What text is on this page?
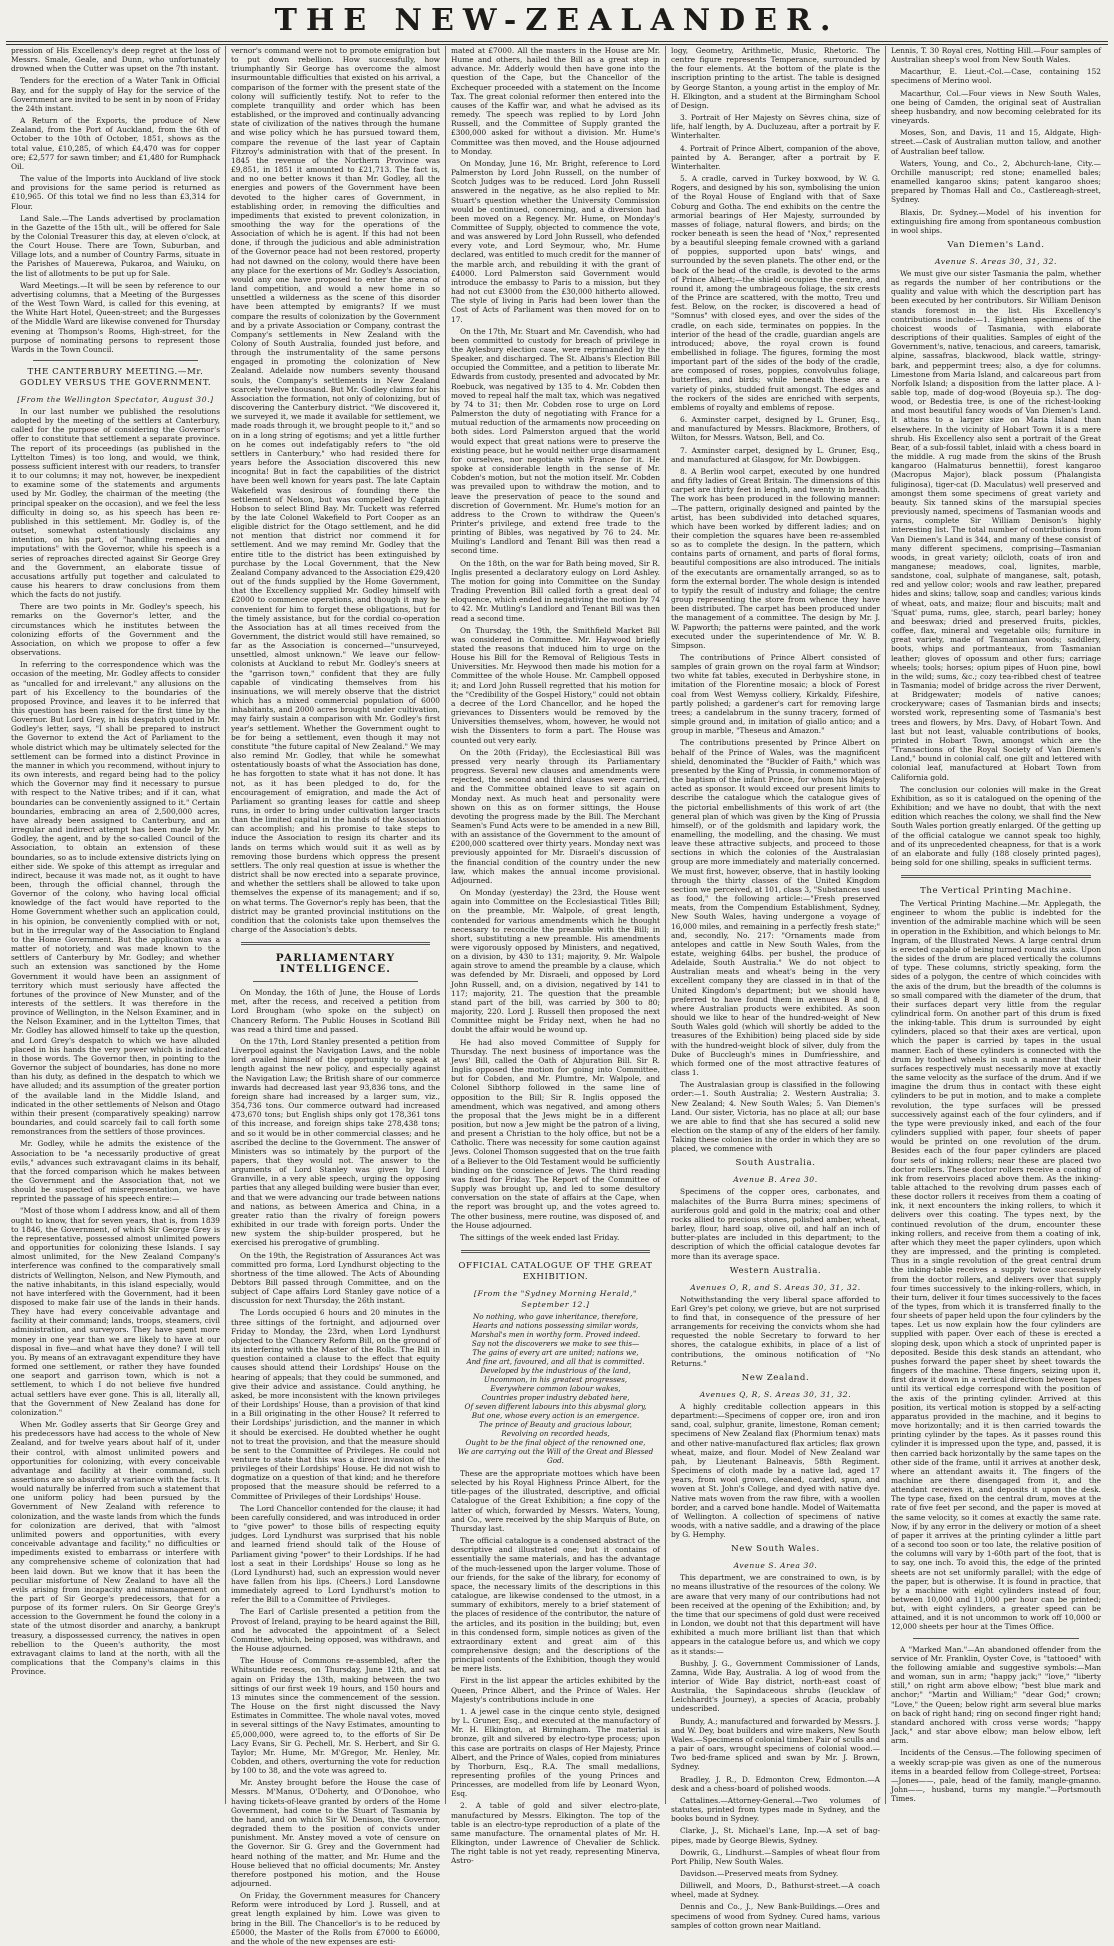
THE NEW-ZEALANDER.
pression of His Excellency's deep regret at the loss of Messrs. Smale, Geale, and Dunn, who unfortunately drowned when the Cutter was upset on the 7th instant.
Tenders for the erection of a Water Tank in Official Bay, and for the supply of Hay for the service of the Government are invited to be sent in by noon of Friday the 24th instant.
A Return of the Exports, the produce of New Zealand, from the Port of Auckland, from the 6th of October to the 10th of October, 1851, shows as the total value, £10,285, of which £4,470 was for copper ore; £2,577 for sawn timber; and £1,480 for Rumphack Oil.
The value of the Imports into Auckland of live stock and provisions for the same period is returned as £10,965. Of this total we find no less than £3,314 for Flour.
Land Sale.—The Lands advertised by proclamation in the Gazette of the 15th ult., will be offered for Sale by the Colonial Treasurer this day, at eleven o'clock, at the Court House. There are Town, Suburban, and Village lots, and a number of Country Farms, situate in the Parishes of Mauerewa, Pukaroa, and Waiuku, on the list of allotments to be put up for Sale.
Ward Meetings.—It will be seen by reference to our advertising columns, that a Meeting of the Burgesses of the West Town Ward, is called for this evening, at the White Hart Hotel, Queen-street; and the Burgesses of the Middle Ward are likewise convened for Thursday evening at Thompson's Rooms, High-street, for the purpose of nominating persons to represent those Wards in the Town Council.
THE CANTERBURY MEETING.—Mr. GODLEY VERSUS THE GOVERNMENT.
[From the Wellington Spectator, August 30.]
In our last number we published the resolutions adopted by the meeting of the settlers at Canterbury, called for the purpose of considering the Governor's offer to constitute that settlement a separate province. The report of its proceedings (as published in the Lyttelton Times) is too long, and would, we think, possess sufficient interest with our readers, to transfer it to our columns; it may not, however, be inexpedient to examine some of the statements and arguments used by Mr. Godley, the chairman of the meeting (the principal speaker on the occasion), and we feel the less difficulty in doing so, as his speech has been re-published in this settlement. Mr. Godley is, of the outset, somewhat ostentatiously disclaims any intention, on his part, of "handling remedies and imputations" with the Governor, while his speech is a series of reproaches directed against Sir George Grey and the Government, an elaborate tissue of accusations artfully put together and calculated to cause his hearers to draw conclusions from them which the facts do not justify.
There are two points in Mr. Godley's speech, his remarks on the Governor's letter, and the circumstances which he institutes between the colonizing efforts of the Government and the Association, on which we propose to offer a few observations.
In referring to the correspondence which was the occasion of the meeting, Mr. Godley affects to consider as "uncalled for and irrelevant," any allusions on the part of his Excellency to the boundaries of the proposed Province, and leaves it to be inferred that this question has been raised for the first time by the Governor. But Lord Grey, in his despatch quoted in Mr. Godley's letter, says, "I shall be prepared to instruct the Governor to extend the Act of Parliament to the whole district which may be ultimately selected for the settlement can be formed into a distinct Province in the manner in which you recommend, without injury to its own interests, and regard being had to the policy which the Governor may find it necessary to pursue with respect to the Native tribes; and if it can, what boundaries can be conveniently assigned to it." Certain boundaries, embracing an area of 2,500,000 acres, have already been assigned to Canterbury, and an irregular and indirect attempt has been made by Mr. Godley, the agent, and by the so-called Council of the Association, to obtain an extension of these boundaries, so as to include extensive districts lying on either side. We spoke of this attempt as irregular and indirect, because it was made not, as it ought to have been, through the official channel, through the Governor of the colony, who having local official knowledge of the fact would have reported to the Home Government whether such an application could, in his opinion, be conveniently complied with or not, but in the irregular way of the Association to England to the Home Government. But the application was a matter of notoriety, and was made known to the settlers of Canterbury by Mr. Godley; and whether such an extension was sanctioned by the Home Government it would have been an assignment of territory which must seriously have affected the fortunes of the province of New Munster, and of the interests of the settlers. It was therefore in the province of Wellington, in the Nelson Examiner, and in the Nelson Examiner, and in the Lyttelton Times, that Mr. Godley has allowed himself to take up the question, and Lord Grey's despatch to which we have alluded placed in his hands the very power which is indicated in those words. The Governor then, in pointing to the Governor the subject of boundaries, has done no more than his duty, as defined in the despatch to which we have alluded; and its assumption of the greater portion of the available land in the Middle Island, and indicated in the other settlements of Nelson and Otago within their present (comparatively speaking) narrow boundaries, and could scarcely fail to call forth some remonstrances from the settlers of those provinces.
Mr. Godley, while he admits the existence of the Association to be "a necessarily productive of great evils," advances such extravagant claims in its behalf, that the forced comparison which he makes between the Government and the Association that, not we should be suspected of misrepresentation, we have reprinted the passage of his speech entire:—
"Most of those whom I address know, and all of them ought to know, that for seven years, that is, from 1839 to 1846, the Government, of which Sir George Grey is the representative, possessed almost unlimited powers and opportunities for colonizing these Islands. I say almost unlimited, for the New Zealand Company's interference was confined to the comparatively small districts of Wellington, Nelson, and New Plymouth, and the native inhabitants, in this island especially, would not have interfered with the Government, had it been disposed to make fair use of the lands in their hands. They have had every conceivable advantage and facility at their command; lands, troops, steamers, civil administration, and surveyors. They have spent more money in one year than we are likely to have at our disposal in five—and what have they done? I will tell you. By means of an extravagant expenditure they have formed one settlement, or rather they have founded one seaport and garrison town, which is not a settlement, to which I do not believe five hundred actual settlers have ever gone. This is all, literally all, that the Government of New Zealand has done for colonization."
When Mr. Godley asserts that Sir George Grey and his predecessors have had access to the whole of New Zealand, and for twelve years about half of it, under their control, with almost unlimited powers and opportunities for colonizing, with every conceivable advantage and facility at their command, such assertions are so absurdly at variance with the facts. It would naturally be inferred from such a statement that one uniform policy had been pursued by the Government of New Zealand with reference to colonization, and the waste lands from which the funds for colonization are derived, that with "almost unlimited powers and opportunities, with every conceivable advantage and facility," no difficulties or impediments existed to embarrass or interfere with any comprehensive scheme of colonization that had been laid down. But we know that it has been the peculiar misfortune of New Zealand to have all the evils arising from incapacity and mismanagement on the part of Sir George's predecessors, that for a purpose of its former rulers. On Sir George Grey's accession to the Government he found the colony in a state of the utmost disorder and anarchy, a bankrupt treasury, a dispossessed currency, the natives in open rebellion to the Queen's authority, the most extravagant claims to land at the north, with all the complications that the Company's claims in this Province.
vernor's command were not to promote emigration but to put down rebellion. How successfully, how triumphantly Sir George has overcome the almost insurmountable difficulties that existed on his arrival, a comparison of the former with the present state of the colony will sufficiently testify. Not to refer to the complete tranquillity and order which has been established, or the improved and continually advancing state of civilization of the natives through the humane and wise policy which he has pursued toward them, compare the revenue of the last year of Captain Fitzroy's administration with that of the present. In 1845 the revenue of the Northern Province was £9,851, in 1851 it amounted to £21,713. The fact is, and no one better knows it than Mr. Godley, all the energies and powers of the Government have been devoted to the higher cares of Government, in establishing order, in removing the difficulties and impediments that existed to prevent colonization, in smoothing the way for the operations of the Association of which he is agent. If this had not been done, if through the judicious and able administration of the Governor peace had not been restored, property had not dawned on the colony, would there have been any place for the exertions of Mr. Godley's Association, would any one have proposed to enter the arena of land competition, and would a new home in so unsettled a wilderness as the scene of this disorder have been attempted by emigrants? If we must compare the results of colonization by the Government and by a private Association or Company, contrast the Company's settlements in New Zealand with the Colony of South Australia, founded just before, and through the instrumentality of the same persons engaged in promoting the colonization of New Zealand. Adelaide now numbers seventy thousand souls, the Company's settlements in New Zealand scarcely twelve thousand. But Mr. Godley claims for his Association the formation, not only of colonizing, but of discovering the Canterbury district. "We discovered it, we surveyed it, we made it available for settlement, we made roads through it, we brought people to it," and so on in a long string of egotisms; and yet a little further on he comes out indefatigably refers to "the old settlers in Canterbury," who had resided there for years before the Association discovered this new incognita! But in fact the capabilities of the district have been well known for years past. The late Captain Wakefield was desirous of founding there the settlement of Nelson, but was compelled by Captain Hobson to select Blind Bay. Mr. Tuckett was referred by the late Colonel Wakefield to Port Cooper as an eligible district for the Otago settlement, and he did not mention that district nor commend it for settlement. And we may remind Mr. Godley that the entire title to the district has been extinguished by purchase by the Local Government, that the New Zealand Company advanced to the Association £29,420 out of the funds supplied by the Home Government, that the Excellency supplied Mr. Godley himself with £2000 to commence operations, and though it may be convenient for him to forget these obligations, but for the timely assistance, but for the cordial co-operation the Association has at all times received from the Government, the district would still have remained, so far as the Association is concerned—"unsurveyed, unsettled, almost unknown." We leave our fellow-colonists at Auckland to rebut Mr. Godley's sneers at the "garrison town," confident that they are fully capable of vindicating themselves from his insinuations, we will merely observe that the district which has a mixed commercial population of 6000 inhabitants, and 2000 acres brought under cultivation, may fairly sustain a comparison with Mr. Godley's first year's settlement. Whether the Government ought to be for being a settlement, even though it may not constitute "the future capital of New Zealand." We may also remind Mr. Godley, that while he somewhat ostentatiously boasts of what the Association has done, he has forgotten to state what it has not done. It has not, as it has been pledged to do, for the encouragement of emigration, and made the Act of Parliament so granting leases for cattle and sheep runs, in order to bring under cultivation larger tracts than the limited capital in the hands of the Association can accomplish; and his promise to take steps to induce the Association to resign its charter and its lands on terms which would suit it as well as by removing those burdens which oppress the present settlers. The only real question at issue is whether the district shall be now erected into a separate province, and whether the settlers shall be allowed to take upon themselves the expense of its management; and if so, on what terms. The Governor's reply has been, that the district may be granted provincial institutions on the condition that the colonists take upon themselves the charge of the Association's debts.
PARLIAMENTARY INTELLIGENCE.
On Monday, the 16th of June, the House of Lords met, after the recess, and received a petition from Lord Brougham (who spoke on the subject) on Chancery Reform. The Public Houses in Scotland Bill was read a third time and passed.
On the 17th, Lord Stanley presented a petition from Liverpool against the Navigation Laws, and the noble lord availed himself of the opportunity to speak at length against the new policy, and especially against the Navigation Law; the British share of our commerce inwards had decreased last year 93,836 tons, and the foreign share had increased by a larger sum, viz., 354,736 tons. Our commerce outward had increased 473,670 tons; but English ships only got 178,361 tons of this increase, and foreign ships take 278,438 tons; and so it would be in other commercial classes; and he ascribed the decline to the Government. The answer of Ministers was so intimately by the purport of the papers, that they would not. The answer to the arguments of Lord Stanley was given by Lord Granville, in a very able speech, urging the opposing parties that any alleged building were busier than ever, and that we were advancing our trade between nations and nations, as between America and China, in a greater ratio than the rivalry of foreign powers exhibited in our trade with foreign ports. Under the new system the ship-builder prospered, but he exercised his prerogative of grumbling.
On the 19th, the Registration of Assurances Act was committed pro forma, Lord Lyndhurst objecting to the shortness of the time allowed. The Acts of Abounding Debtors Bill passed through Committee, and on the subject of Cape affairs Lord Stanley gave notice of a discussion for next Thursday, the 26th instant.
The Lords occupied 6 hours and 20 minutes in the three sittings of the fortnight, and adjourned over Friday to Monday, the 23rd, when Lord Lyndhurst objected to the Chancery Reform Bill, on the ground of its interfering with the Master of the Rolls. The Bill in question contained a clause to the effect that equity causes should attend their Lordships' House on the hearing of appeals; that they could be summoned, and give their advice and assistance. Could anything, he asked, be more inconsistent with the known privileges of their Lordships' House, than a provision of that kind in a Bill originating in the other House? It referred to their Lordships' jurisdiction, and the manner in which it should be exercised. He doubted whether he ought not to treat the provision, and that the measure should be sent to the Committee of Privileges. He could not venture to state that this was a direct invasion of the privileges of their Lordships' House. He did not wish to dogmatize on a question of that kind; and he therefore proposed that the measure should be referred to a Committee of Privileges of their Lordships' House.
The Lord Chancellor contended for the clause; it had been carefully considered, and was introduced in order to "give power" to those bills of respecting equity judges. Lord Lyndhurst was surprised that his noble and learned friend should talk of the House of Parliament giving "power" to their Lordships. If he had lost a seat in their Lordships' House so long as he (Lord Lyndhurst) had, such an expression would never have fallen from his lips. (Cheers.) Lord Lansdowne immediately agreed to Lord Lyndhurst's motion to refer the Bill to a Committee of Privileges.
The Earl of Carlisle presented a petition from the Provost of Ireland, praying to be heard against the Bill, and he advocated the appointment of a Select Committee, which, being opposed, was withdrawn, and the House adjourned.
The House of Commons re-assembled, after the Whitsuntide recess, on Thursday, June 12th, and sat again on Friday the 13th, making between the two sittings of our first week 19 hours, and 150 hours and 13 minutes since the commencement of the session. The House on the first night discussed the Navy Estimates in Committee. The whole naval votes, moved in several sittings of the Navy Estimates, amounting to £5,000,000, were agreed to, to the efforts of Sir De Lacy Evans, Sir G. Pechell, Mr. S. Herbert, and Sir G. Taylor; Mr. Hume, Mr. M'Gregor, Mr. Henley, Mr. Cobden, and others, overturning the vote for reduction by 100 to 38, and the vote was agreed to.
Mr. Anstey brought before the House the case of Messrs. M'Manus, O'Doherty, and O'Donohoe, who having tickets-of-leave granted by orders of the Home Government, had come to the Stuart of Tasmania by the hand, and on which Sir W. Denison, the Governor, degraded them to the position of convicts under punishment. Mr. Anstey moved a vote of censure on the Governor. Sir G. Grey and the Government had heard nothing of the matter, and Mr. Hume and the House believed that no official documents; Mr. Anstey therefore postponed his motion, and the House adjourned.
On Friday, the Government measures for Chancery Reform were introduced by Lord J. Russell, and at great length explained by him. Lowe was given to bring in the Bill. The Chancellor's is to be reduced by £5000, the Master of the Rolls from £7000 to £6000, and the whole of the new expenses are esti-
mated at £7000. All the masters in the House are Mr. Hume and others, hailed the Bill as a great step in advance. Mr. Adderly would then have gone into the question of the Cape, but the Chancellor of the Exchequer proceeded with a statement on the Income Tax. The great colonial reformer then entered into the causes of the Kaffir war, and what he advised as its remedy. The speech was replied to by Lord John Russell, and the Committee of Supply granted the £300,000 asked for without a division. Mr. Hume's Committee was then moved, and the House adjourned to Monday.
On Monday, June 16, Mr. Bright, reference to Lord Palmerston by Lord John Russell, on the number of Scotch Judges was to be reduced. Lord John Russell answered in the negative, as he also replied to Mr. Stuart's question whether the University Commission would be continued, concerning, and a diversion had been moved on a Regency. Mr. Hume, on Monday's Committee of Supply, objected to commence the vote, and was answered by Lord John Russell, who defended every vote, and Lord Seymour, who, Mr. Hume declared, was entitled to much credit for the manner of the marble arch, and rebuilding it with the grant of £4000. Lord Palmerston said Government would introduce the embassy to Paris to a mission, but they had not cut £3000 from the £30,000 hitherto allowed. The style of living in Paris had been lower than the Cost of Acts of Parliament was then moved for on to 17.
On the 17th, Mr. Stuart and Mr. Cavendish, who had been committed to custody for breach of privilege in the Aylesbury election case, were reprimanded by the Speaker, and discharged. The St. Albans's Election Bill occupied the Committee, and a petition to liberate Mr. Edwards from custody, presented and advocated by Mr. Roebuck, was negatived by 135 to 4. Mr. Cobden then moved to repeal half the malt tax, which was negatived by 74 to 31; then Mr. Cobden rose to urge on Lord Palmerston the duty of negotiating with France for a mutual reduction of the armaments now proceeding on both sides. Lord Palmerston argued that the world would expect that great nations were to preserve the existing peace, but he would neither urge disarmament for ourselves, nor negotiate with France for it. He spoke at considerable length in the sense of Mr. Cobden's motion, but not the motion itself. Mr. Cobden was prevailed upon to withdraw the motion, and to leave the preservation of peace to the sound and discretion of Government. Mr. Hume's motion for an address to the Crown to withdraw the Queen's Printer's privilege, and extend free trade to the printing of Bibles, was negatived by 76 to 24. Mr. Muiling's Landlord and Tenant Bill was then read a second time.
On the 18th, on the war for Bath being moved, Sir R. Inglis presented a declaratory eulogy on Lord Ashley. The motion for going into Committee on the Sunday Trading Prevention Bill called forth a great deal of eloquence, which ended in negativing the motion by 74 to 42. Mr. Mutling's Landlord and Tenant Bill was then read a second time.
On Thursday, the 19th, the Smithfield Market Bill was considered in Committee. Mr. Haywood briefly stated the reasons that induced him to urge on the House his Bill for the Removal of Religious Tests in Universities. Mr. Heywood then made his motion for a Committee of the whole House. Mr. Campbell opposed it; and Lord John Russell regretted that his motion for the "Credibility of the Gospel History," could not obtain a decree of the Lord Chancellor, and he hoped the grievances to Dissenters would be removed by the Universities themselves, whom, however, he would not wish the Dissenters to form a part. The House was counted out very early.
On the 20th (Friday), the Ecclesiastical Bill was pressed very nearly through its Parliamentary progress. Several new clauses and amendments were rejected, the second and third clauses were carried, and the Committee obtained leave to sit again on Monday next. As much heat and personality were shown on this as on former sittings, the House devoting the progress made by the Bill. The Merchant Seamen's Fund Acts were to be amended in a new Bill, with an assistance of the Government to the amount of £200,000 scattered over thirty years. Monday next was previously appointed for Mr. Disraeli's discussion of the financial condition of the country under the new law, which makes the annual income provisional. Adjourned.
On Monday (yesterday) the 23rd, the House went again into Committee on the Ecclesiastical Titles Bill; on the preamble, Mr. Walpole, of great length, contended for various amendments which he thought necessary to reconcile the preamble with the Bill; in short, substituting a new preamble. His amendments were vigorously opposed by Ministers, and negatived, on a division, by 430 to 131; majority, 9. Mr. Walpole again strove to amend the preamble by a clause, which was defended by Mr. Disraeli, and opposed by Lord John Russell, and, on a division, negatived by 141 to 117; majority, 21. The question that the preamble stand part of the bill, was carried by 300 to 80; majority, 220. Lord J. Russell then proposed the next Committee might be Friday next, when he had no doubt the affair would be wound up.
He had also moved Committee of Supply for Thursday. The next business of importance was the Jews' Bill, called the Oath of Abjuration Bill. Sir R. Inglis opposed the motion for going into Committee, but for Cobden, and Mr. Plumtre, Mr. Walpole, and Colonel Sibthorp followed in the same line of opposition to the Bill; Sir R. Inglis opposed the amendment, which was negatived, and among others the proposal that the Jews might be in a different position, but now a Jew might be the patron of a living, and present a Christian to the holy office, but not be a Catholic. There was necessity for some caution against Jews. Colonel Thomson suggested that on the true faith of a Believer to the Old Testament would be sufficiently binding on the conscience of Jews. The third reading was fixed for Friday. The Report of the Committee of Supply was brought up, and led to some desultory conversation on the state of affairs at the Cape, when the report was brought up, and the votes agreed to. The other business, mere routine, was disposed of, and the House adjourned.
The sittings of the week ended last Friday.
OFFICIAL CATALOGUE OF THE GREAT EXHIBITION.
[From the "Sydney Morning Herald," September 12.]
No nothing, who gave inheritance, therefore,
Hearts and nations possessing similar words,
Marshal's men in worthy form. Proved indeed.
Say not the discoverers we make to see this—
The gains of every art are united; nations we,
And fine art, favoured, and all that is committed.
Developed by the industrious of the land,
Uncommon, in his greatest progresses,
Everywhere common labour wakes,
Countries proper industry debated here,
Of seven different labours into this abysmal glory,
But one, whose every action is an emergence.
The prince of Beauty and gracious labour,
Revolving on recorded heads,
Ought to be the final object of the renowned one,
We are carrying out the Will of the Great and Blessed God.
These are the appropriate mottoes which have been selected by his Royal Highness Prince Albert, for the title-pages of the illustrated, descriptive, and official Catalogue of the Great Exhibition; a fine copy of the latter of which, forwarded by Messrs. Waters, Young, and Co., were received by the ship Marquis of Bute, on Thursday last.
The official catalogue is a condensed abstract of the descriptive and illustrated one; but it contains of essentially the same materials, and has the advantage of the much-lessened upon the larger volume. Those of our friends, for the sake of the library, for economy of space, the necessary limits of the descriptions in this catalogue, are likewise condensed to the utmost, in a summary of exhibitors, merely to a brief statement of the places of residence of the contributor, the nature of the articles, and its position in the building; but, even in this condensed form, simple notices as given of the extraordinary extent and great aim of this comprehensive design; and the descriptions of the principal contents of the Exhibition, though they would be mere lists.
First in the list appear the articles exhibited by the Queen, Prince Albert, and the Prince of Wales. Her Majesty's contributions include in one
1. A jewel case in the cinque cento style, designed by L. Gruner, Esq., and executed at the manufactory of Mr. H. Elkington, at Birmingham. The material is bronze, gilt and silvered by electro-type process; upon this case are portraits on clasps of Her Majesty, Prince Albert, and the Prince of Wales, copied from miniatures by Thorburn, Esq., R.A. The small medallions, representing profiles of the young Princes and Princesses, are modelled from life by Leonard Wyon, Esq.
2. A table of gold and silver electro-plate, manufactured by Messrs. Elkington. The top of the table is an electro-type reproduction of a plate of the same manufacture. The ornamental plates of Mr. H. Elkington, under Lawrence of Chevalier de Schlick. The right table is not yet ready, representing Minerva, Astro-
logy, Geometry, Arithmetic, Music, Rhetoric. The centre figure represents Temperance, surrounded by the four elements. At the bottom of the plate is the inscription printing to the artist. The table is designed by George Stanton, a young artist in the employ of Mr. H. Elkington, and a student at the Birmingham School of Design.
3. Portrait of Her Majesty on Sèvres china, size of life, half length, by A. Ducluzeau, after a portrait by F. Winterhalter.
4. Portrait of Prince Albert, companion of the above, painted by A. Beranger, after a portrait by F. Winterhalter.
5. A cradle, carved in Turkey boxwood, by W. G. Rogers, and designed by his son, symbolising the union of the Royal House of England with that of Saxe Coburg and Gotha. The end exhibits on the centre the armorial bearings of Her Majesty, surrounded by masses of foliage, natural flowers, and birds; on the rocker beneath is seen the head of "Nox," represented by a beautiful sleeping female crowned with a garland of poppies, supported upon bats' wings, and surrounded by the seven planets. The other end, or the back of the head of the cradle, is devoted to the arms of Prince Albert;—the shield occupies the centre, and round it, among the umbrageous foliage, the six crests of the Prince are scattered, with the motto, Treu und fest. Below, on the rocker, is discovered a head of "Somnus" with closed eyes, and over the sides of the cradle, on each side, terminates on poppies. In the interior of the head of the cradle, guardian angels are introduced; above, the royal crown is found embellished in foliage. The figures, forming the most important part of the sides of the body of the cradle, are composed of roses, poppies, convolvulus foliage, butterflies, and birds; while beneath these are a variety of pinks, studded fruit amongst. The edges and the rockers of the sides are enriched with serpents, emblems of royalty and emblems of repose.
6. Axminster carpet, designed by L. Gruner, Esq., and manufactured by Messrs. Blackmore, Brothers, of Wilton, for Messrs. Watson, Bell, and Co.
7. Axminster carpet, designed by L. Gruner, Esq., and manufactured at Glasgow, for Mr. Dowbiggen.
8. A Berlin wool carpet, executed by one hundred and fifty ladies of Great Britain. The dimensions of this carpet are thirty feet in length, and twenty in breadth. The work has been produced in the following manner:—The pattern, originally designed and painted by the artist, has been subdivided into detached squares, which have been worked by different ladies; and on their completion the squares have been re-assembled so as to complete the design. In the pattern, which contains parts of ornament, and parts of floral forms, beautiful compositions are also introduced. The initials of the executants are ornamentally arranged, so as to form the external border. The whole design is intended to typify the result of industry and foliage; the centre group representing the store from whence they have been distributed. The carpet has been produced under the management of a committee. The design by Mr. J. W. Papworth; the patterns were painted, and the work executed under the superintendence of Mr. W. B. Simpson.
The contributions of Prince Albert consisted of samples of grain grown on the royal farm at Windsor; two white fat tables, executed in Derbyshire stone, in imitation of the Florentine mosaic; a block of Forest coal from West Wemyss colliery, Kirkaldy, Fifeshire, partly polished; a gardener's cart for removing large trees; a candelabrum in the sunny tracery, formed of simple ground and, in imitation of giallo antico; and a group in marble, "Theseus and Amazon."
The contributions presented by Prince Albert on behalf of the Prince of Wales, was the magnificent shield, denominated the "Buckler of Faith," which was presented by the King of Prussia, in commemoration of the baptism of the infant Prince, for whom his Majesty acted as sponsor. It would exceed our present limits to describe the catalogue which the catalogue gives of the pictorial embellishments of this work of art (the general plan of which was given by the King of Prussia himself), or of the goldsmith and lapidary work, the enamelling, the modelling, and the chasing. We must leave these attractive subjects, and proceed to those sections in which the colonies of the Australasian group are more immediately and materially concerned. We must first, however, observe, that in hastily looking through the thirty classes of the United Kingdom section we perceived, at 101, class 3, "Substances used as food," the following article:—"Fresh preserved meats, from the Compendium Establishment, Sydney, New South Wales, having undergone a voyage of 16,000 miles, and remaining in a perfectly fresh state;" and, secondly, No. 217: "Ornaments made from antelopes and cattle in New South Wales, from the estate, weighing 64lbs. per bushel, the produce of Adelaide, South Australia." We do not object to Australian meats and wheat's being in the very excellent company they are classed in in that of the United Kingdom's department; but we should have preferred to have found them in avenues B and 8, where Australian products were exhibited. As soon should we like to hear of the hundred-weight of New South Wales gold (which will shortly be added to the treasures of the Exhibition) being placed side by side with the hundred-weight block of silver, duly from the Duke of Buccleugh's mines in Dumfriesshire, and which formed one of the most attractive features of class 1.
The Australasian group is classified in the following order:—1. South Australia; 2. Western Australia; 3. New Zealand; 4. New South Wales; 5. Van Diemen's Land. Our sister, Victoria, has no place at all; our base we are able to find that she has secured a solid new election on the stamp of any of the elders of her family. Taking these colonies in the order in which they are so placed, we commence with
South Australia.
Avenue B. Area 30.
Specimens of the copper ores, carbonates, and malachites of the Burra Burra mines; specimens of auriferous gold and gold in the matrix; coal and other rocks allied to precious stones, polished amber, wheat, barley, flour, hard soap, olive oil, and half an inch of butter-plates are included in this department; to the description of which the official catalogue devotes far more than its average space.
Western Australia.
Avenues O, R, and S. Areas 30, 31, 32.
Notwithstanding the very liberal space afforded to Earl Grey's pet colony, we grieve, but are not surprised to find that, in consequence of the pressure of her arrangements for receiving the convicts whom she had requested the noble Secretary to forward to her shores, the catalogue exhibits, in place of a list of contributions, the ominous notification of "No Returns."
New Zealand.
Avenues Q, R, S. Areas 30, 31, 32.
A highly creditable collection appears in this department:—Specimens of copper ore, iron and iron sand, coal, sulphur, granite, limestone, Roman cement; specimens of New Zealand flax (Phormium tenax) mats and other native-manufactured flax articles; flax grown wheat, maize, and flour. Model of New Zealand war pah, by Lieutenant Balneavis, 58th Regiment. Specimens of cloth made by a native lad, aged 17 years, from wool grown, cleaned, carded, spun, and woven at St. John's College, and dyed with native dye. Native mats woven from the raw fibre, with a woollen border, and a carved bone handle. Model of Waitematta of Wellington. A collection of specimens of native woods, with a native saddle, and a drawing of the place by G. Hemphy.
New South Wales.
Avenue S. Area 30.
This department, we are constrained to own, is by no means illustrative of the resources of the colony. We are aware that very many of our contributions had not been received at the opening of the Exhibition; and, by the time that our specimens of gold dust were received in London, we doubt not that this department will have exhibited a much more brilliant list than that which appears in the catalogue before us, and which we copy as it stands:—
Bushby, J. G., Government Commissioner of Lands, Zamna, Wide Bay, Australia. A log of wood from the interior of Wide Bay district, north-east coast of Australia, the Sapindaceous shrubs (Ieucklaw of Leichhardt's Journey), a species of Acacia, probably undescribed.
Bundy, A.; manufactured and forwarded by Messrs. J. and W. Dey, boat builders and wire makers, New South Wales.—Specimens of colonial timber. Pair of sculls and a pair of oars, wrought specimens of colonial wood.—Two bed-frame spliced and swan by Mr. J. Brown, Sydney.
Bradley, J. R., D. Edmonton Crew, Edmonton.—A desk and a chess-board of polished woods.
Cattalines.—Attorney-General.—Two volumes of statutes, printed from types made in Sydney, and the books bound in Sydney.
Clarke, J., St. Michael's Lane, Inp.—A set of bag-pipes, made by George Blewis, Sydney.
Dowrik, G., Lindhurst.—Samples of wheat flour from Port Philip, New South Wales.
Davidson.—Preserved meats from Sydney.
Dilliwell, and Moors, D., Bathurst-street.—A coach wheel, made at Sydney.
Dennis and Co., J., New Bank-Buildings.—Ores and specimens of wood from Sydney. Cured hams, various samples of cotton grown near Maitland.
Lennis, T. 30 Royal cres, Notting Hill.—Four samples of Australian sheep's wool from New South Wales.
Macarthur, E. Lieut.-Col.—Case, containing 152 specimens of Merino wool.
Macarthur, Col.—Four views in New South Wales, one being of Camden, the original seat of Australian sheep husbandry, and now becoming celebrated for its vineyards.
Moses, Son, and Davis, 11 and 15, Aldgate, High-street.—Cask of Australian mutton tallow, and another of Australian beef tallow.
Waters, Young, and Co., 2, Abchurch-lane, City.—Orchille manuscript; red stone; enamelled bales; enamelled kangaroo skins; patent kangaroo shoes; prepared by Thomas Hall and Co., Castlereagh-street, Sydney.
Blaxis, Dr. Sydney.—Model of his invention for extinguishing fire among from spontaneous combustion in wool ships.
Van Diemen's Land.
Avenue S. Areas 30, 31, 32.
We must give our sister Tasmania the palm, whether as regards the number of her contributions or the quality and value with which the description part has been executed by her contributors. Sir William Denison stands foremost in the list. His Excellency's contributions include:—1. Eighteen specimens of the choicest woods of Tasmania, with elaborate descriptions of their qualities. Samples of eight of the Government's, native, tenacious, and careers, tamarisk, alpine, sassafras, blackwood, black wattle, stringy-bark, and peppermint trees; also, a dye for columns. Limestone from Maria Island, and calcareous part from Norfolk Island; a disposition from the latter place. A l-sable top, made of dog-wood (Boyeuia sp.). The dog-wood, or Bedestia tree, is one of the richest-looking and most beautiful fancy woods of Van Diemen's Land. It attains to a larger size on Maria Island than elsewhere. In the vicinity of Hobart Town it is a mere shrub. His Excellency also sent a portrait of the Great Bear, of a sub-fossil tablet, inlaid with a chess board in the middle. A rug made from the skins of the Brush kangaroo (Halmaturus bennettii), forest kangaroo (Macropus Major), black possum (Phalangista fuliginosa), tiger-cat (D. Maculatus) well preserved and amongst them some specimens of great variety and beauty. Six tanned skins of the marsupial species previously named, specimens of Tasmanian woods and yarns, complete Sir William Denison's highly interesting list. The total number of contributions from Van Diemen's Land is 344, and many of these consist of many different specimens, comprising—Tasmanian woods, in great variety; oilcloth, coats of iron and manganese; meadows, coal, lignites, marble, sandstone, coal, sulphate of manganese, salt, potash, red and yellow color; wools and raw leather, prepared hides and skins; tallow, soap and candles; various kinds of wheat, oats, and maize; flour and biscuits; malt and 'Squat' puma, rums, glee, starch, pearl barley; honey and beeswax; dried and preserved fruits, pickles, coffee, flax, mineral and vegetable oils; furniture in great variety, made of Tasmanian woods; saddlery, boots, whips and portmanteaux, from Tasmanian leather; gloves of opossum and other furs; carriage wheels; tools; horses; opium pipes of Huon pine, bowl in the wild; sums, &c.; cozy tea-ribbed chest of teatree in Tasmania; model of bridge across the river Derwent, at Bridgewater; models of native canoes; crockeryware; cases of Tasmanian birds and insects; worsted work, representing some of Tasmania's best trees and flowers, by Mrs. Davy, of Hobart Town. And last but not least, valuable contributions of books, printed in Hobart Town, amongst which are the "Transactions of the Royal Society of Van Diemen's Land," bound in colonial calf, one gilt and lettered with colonial leaf, manufactured at Hobart Town from California gold.
The conclusion our colonies will make in the Great Exhibition, as so it is catalogued on the opening of the Exhibition; and we have no doubt, that with the next edition which reaches the colony, we shall find the New South Wales portion greatly enlarged. Of the getting up of the official catalogue we cannot speak too highly, and of its unprecedented cheapness, for that is a work of an elaborate and fully (188 closely printed pages), being sold for one shilling, speaks in sufficient terms.
The Vertical Printing Machine.
The Vertical Printing Machine.—Mr. Applegath, the engineer to whom the public is indebted for the invention of the admirable machine which will be seen in operation in the Exhibition, and which belongs to Mr. Ingram, of the Illustrated News. A large central drum is erected capable of being turned round its axis. Upon the sides of the drum are placed vertically the columns of type. These columns, strictly speaking, form the sides of a polygon, the centre of which coincides with the axis of the drum, but the breadth of the columns is so small compared with the diameter of the drum, that their surfaces depart very little from the regular cylindrical form. On another part of this drum is fixed the inking-table. This drum is surrounded by eight cylinders, placed so that their axes are vertical, upon which the paper is carried by tapes in the usual manner. Each of these cylinders is connected with the drum by toothed wheels in such a manner that their surfaces respectively must necessarily move at exactly the same velocity as the surface of the drum. And if we imagine the drum thus in contact with these eight cylinders to be put in motion, and to make a complete revolution, the type surfaces will be pressed successively against each of the four cylinders, and if the type were previously inked, and each of the four cylinders supplied with paper, four sheets of paper would be printed on one revolution of the drum. Besides each of the four paper cylinders are placed four sets of inking rollers; near these are placed two doctor rollers. These doctor rollers receive a coating of ink from reservoirs placed above them. As the inking-table attached to the revolving drum passes each of these doctor rollers it receives from them a coating of ink, it next encounters the inking rollers, to which it delivers over this coating. The types next, by the continued revolution of the drum, encounter these inking rollers, and receive from them a coating of ink, after which they meet the paper cylinders, upon which they are impressed, and the printing is completed. Thus in a single revolution of the great central drum the inking-table receives a supply twice successively from the doctor rollers, and delivers over that supply four times successively to the inking-rollers, which, in their turn, deliver it four times successively to the faces of the types, from which it is transferred finally to the four sheets of paper held upon the four cylinders by the tapes. Let us now explain how the four cylinders are supplied with paper. Over each of these is erected a sloping desk, upon which a stock of unprinted paper is deposited. Beside this desk stands an attendant, who pushes forward the paper sheet by sheet towards the fingers of the machine. These fingers, seizing upon it, first draw it down in a vertical direction between tapes until its vertical edge correspond with the position of the axis of the printing cylinder. Arrived at this position, its vertical motion is stopped by a self-acting apparatus provided in the machine, and it begins to move horizontally; and it is then carried towards the printing cylinder by the tapes. As it passes round this cylinder it is impressed upon the type, and, passed, it is then carried back horizontally by the same tapes on the other side of the frame, until it arrives at another desk, where an attendant awaits it. The fingers of the machine are there disengaged from it, and the attendant receives it, and deposits it upon the desk. The type case, fixed on the central drum, moves at the rate of five feet per second, and the paper is moved at the same velocity, so it comes at exactly the same rate. Now, if by any error in the delivery or motion of a sheet of paper it arrives at the printing cylinder a little part of a second too soon or too late, the relative position of the columns will vary by 1-60th part of the foot, that is to say, one inch. To avoid this, the edge of the printed sheets are not set uniformly parallel; with the edge of the paper, but is otherwise. It is found in practice, that by a machine with eight cylinders instead of four, between 10,000 and 11,000 per hour can be printed; but, with eight cylinders, a greater speed can be attained, and it is not uncommon to work off 10,000 or 12,000 sheets per hour at the Times Office.
A "Marked Man."—An abandoned offender from the service of Mr. Franklin, Oyster Cove, is "tattooed" with the following amiable and suggestive symbols:—Man and woman, sun in arm; "happy jack;" "love," "liberty still," on right arm above elbow; "best blue mark and anchor;" "Martin and William;" "dear God;" crown; "Love," the Queen; below right arm several blue marks on back of right hand; ring on second finger right hand; standard anchored with cross verse words; "happy Jack," and star above elbow; man below elbow, left arm.
Incidents of the Census.—The following specimen of a weekly scrap-pie was given as one of the numerous items in a bearded fellow from College-street, Portsea:—Jones——, pale, head of the family, mangle-gmanno. John——, husband, turns my mangle."—Portsmouth Times.
